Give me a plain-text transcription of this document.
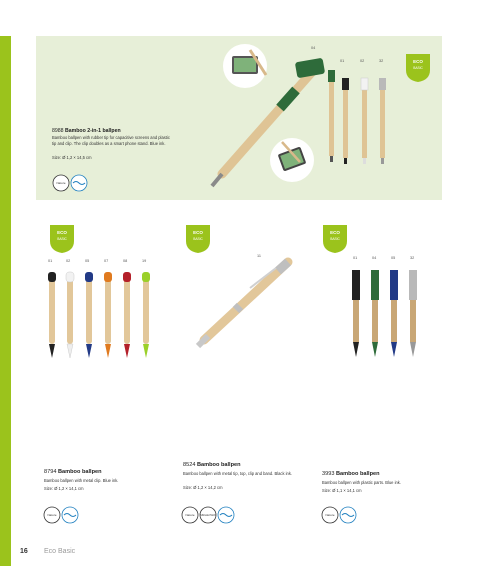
ECO
BASIC
ECO
BASIC
ECO
BASIC
ECO
BASIC
Nature
Nature	Nature SINGLE PACK	Nature
04
01	02	32
8988 Bamboo 2-in-1 ballpen
Bamboo ballpen with rubber tip for capacitive screens and plastic tip and clip. The clip doubles as a smart phone stand. Blue ink.
Size: Ø 1,2 × 14,5 cm
01	02	05	07	08	19
11	01	04	05	32
8794 Bamboo ballpen
Bamboo ballpen with metal clip. Blue ink.
Size: Ø 1,2 × 14,1 cm
8524 Bamboo ballpen
Bamboo ballpen with metal tip, top, clip and band. Black ink.
Size: Ø 1,2 × 14,2 cm
3993 Bamboo ballpen
Bamboo ballpen with plastic parts. Blue ink.
Size: Ø 1,1 × 14,1 cm
16 Eco Basic
